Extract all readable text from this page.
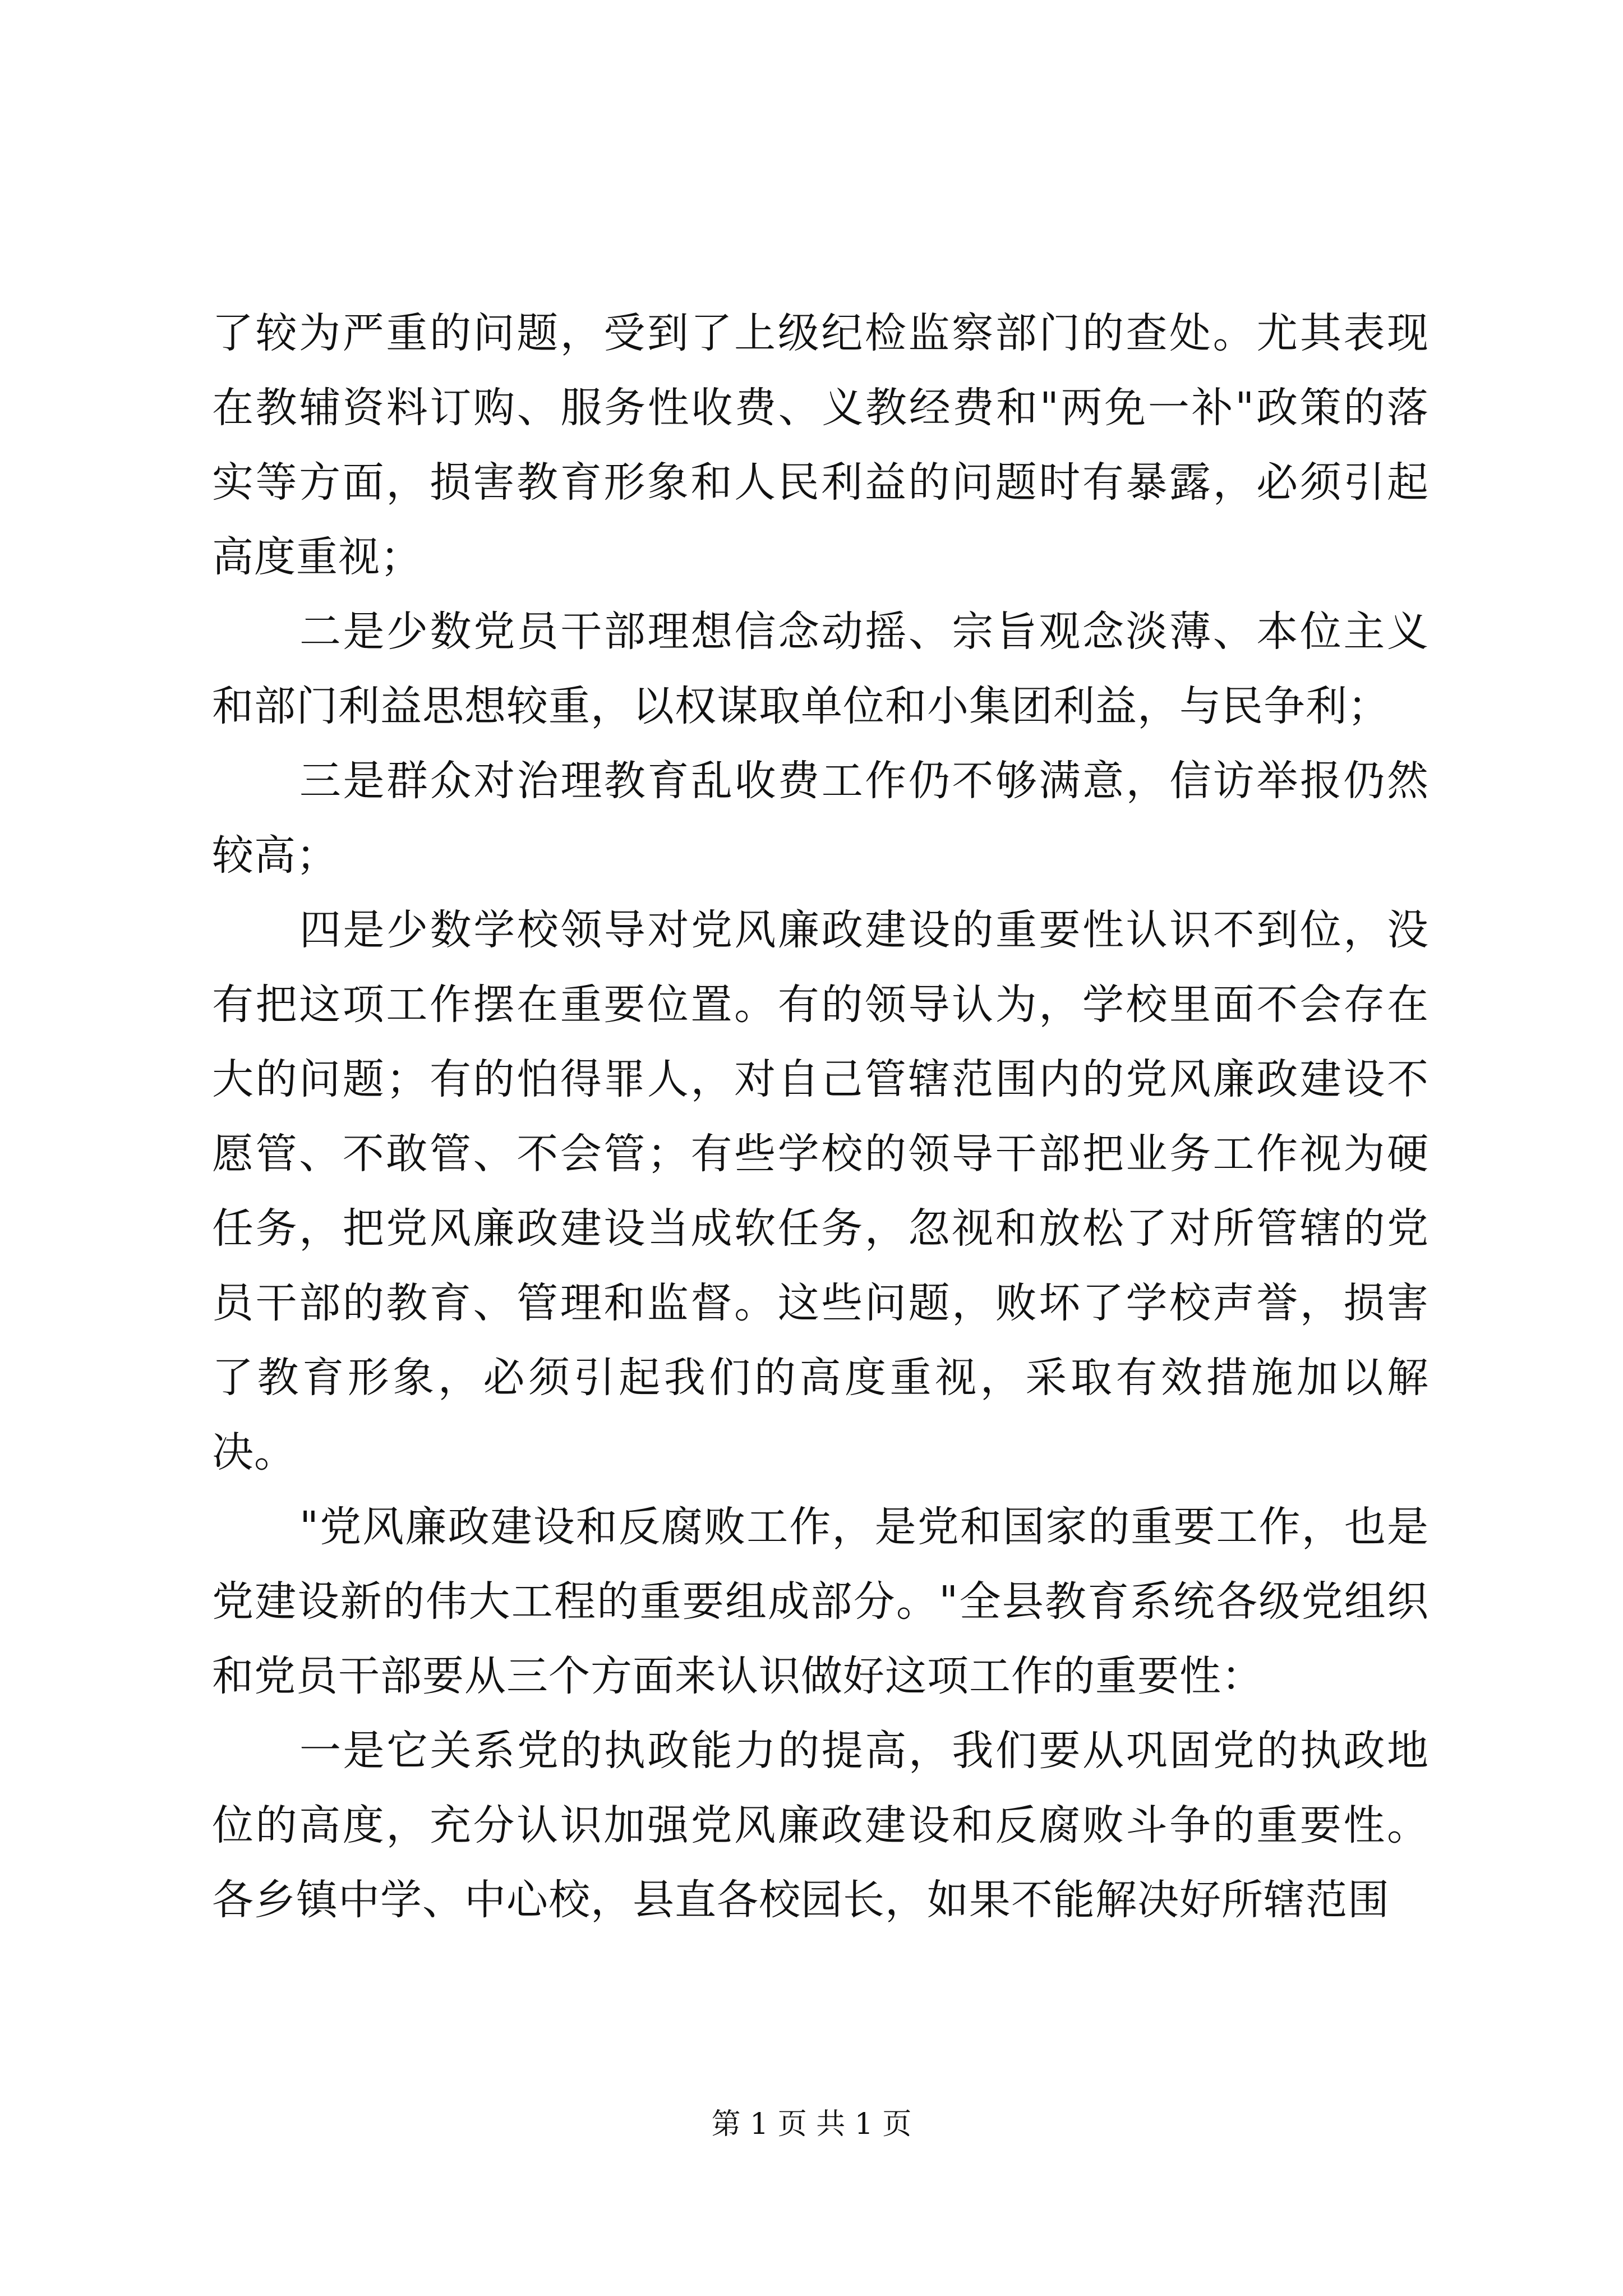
了较为严重的问题，受到了上级纪检监察部门的查处。尤其表现在教辅资料订购、服务性收费、义教经费和"两免一补"政策的落实等方面，损害教育形象和人民利益的问题时有暴露，必须引起高度重视；

二是少数党员干部理想信念动摇、宗旨观念淡薄、本位主义和部门利益思想较重，以权谋取单位和小集团利益，与民争利；

三是群众对治理教育乱收费工作仍不够满意，信访举报仍然较高；

四是少数学校领导对党风廉政建设的重要性认识不到位，没有把这项工作摆在重要位置。有的领导认为，学校里面不会存在大的问题；有的怕得罪人，对自己管辖范围内的党风廉政建设不愿管、不敢管、不会管；有些学校的领导干部把业务工作视为硬任务，把党风廉政建设当成软任务，忽视和放松了对所管辖的党员干部的教育、管理和监督。这些问题，败坏了学校声誉，损害了教育形象，必须引起我们的高度重视，采取有效措施加以解决。

"党风廉政建设和反腐败工作，是党和国家的重要工作，也是党建设新的伟大工程的重要组成部分。"全县教育系统各级党组织和党员干部要从三个方面来认识做好这项工作的重要性：

一是它关系党的执政能力的提高，我们要从巩固党的执政地位的高度，充分认识加强党风廉政建设和反腐败斗争的重要性。各乡镇中学、中心校，县直各校园长，如果不能解决好所辖范围

第 1 页 共 1 页
